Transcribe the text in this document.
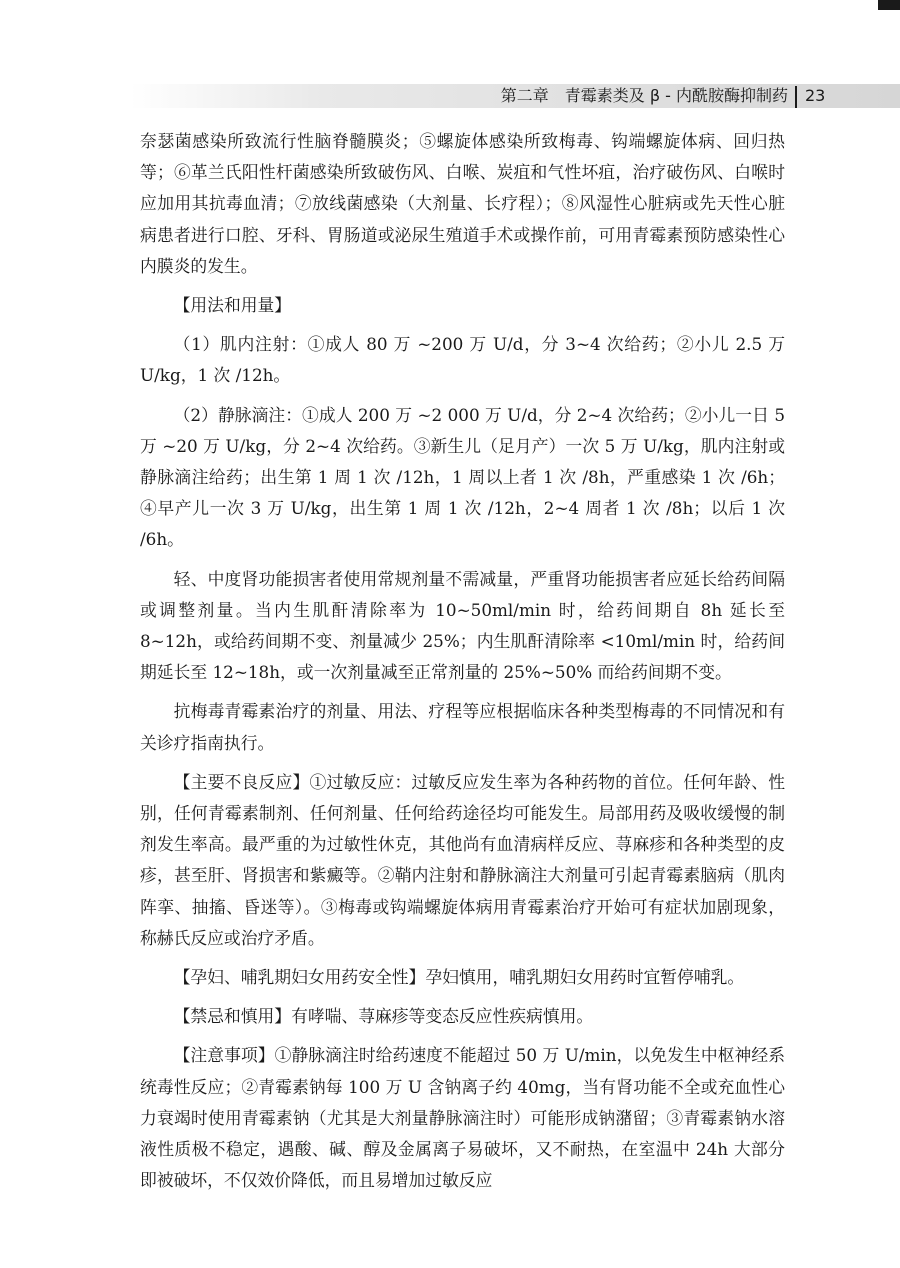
第二章　青霉素类及 β - 内酰胺酶抑制药 23

奈瑟菌感染所致流行性脑脊髓膜炎；⑤螺旋体感染所致梅毒、钩端螺旋体病、回归热等；⑥革兰氏阳性杆菌感染所致破伤风、白喉、炭疽和气性坏疽，治疗破伤风、白喉时应加用其抗毒血清；⑦放线菌感染（大剂量、长疗程）；⑧风湿性心脏病或先天性心脏病患者进行口腔、牙科、胃肠道或泌尿生殖道手术或操作前，可用青霉素预防感染性心内膜炎的发生。

【用法和用量】

（1）肌内注射：①成人 80 万 ~200 万 U/d，分 3~4 次给药；②小儿 2.5 万 U/kg，1 次 /12h。

（2）静脉滴注：①成人 200 万 ~2 000 万 U/d，分 2~4 次给药；②小儿一日 5 万 ~20 万 U/kg，分 2~4 次给药。③新生儿（足月产）一次 5 万 U/kg，肌内注射或静脉滴注给药；出生第 1 周 1 次 /12h，1 周以上者 1 次 /8h，严重感染 1 次 /6h；④早产儿一次 3 万 U/kg，出生第 1 周 1 次 /12h，2~4 周者 1 次 /8h；以后 1 次 /6h。

轻、中度肾功能损害者使用常规剂量不需减量，严重肾功能损害者应延长给药间隔或调整剂量。当内生肌酐清除率为 10~50ml/min 时，给药间期自 8h 延长至 8~12h，或给药间期不变、剂量减少 25%；内生肌酐清除率 <10ml/min 时，给药间期延长至 12~18h，或一次剂量减至正常剂量的 25%~50% 而给药间期不变。

抗梅毒青霉素治疗的剂量、用法、疗程等应根据临床各种类型梅毒的不同情况和有关诊疗指南执行。

【主要不良反应】①过敏反应：过敏反应发生率为各种药物的首位。任何年龄、性别，任何青霉素制剂、任何剂量、任何给药途径均可能发生。局部用药及吸收缓慢的制剂发生率高。最严重的为过敏性休克，其他尚有血清病样反应、荨麻疹和各种类型的皮疹，甚至肝、肾损害和紫癜等。②鞘内注射和静脉滴注大剂量可引起青霉素脑病（肌肉阵挛、抽搐、昏迷等）。③梅毒或钩端螺旋体病用青霉素治疗开始可有症状加剧现象，称赫氏反应或治疗矛盾。

【孕妇、哺乳期妇女用药安全性】孕妇慎用，哺乳期妇女用药时宜暂停哺乳。

【禁忌和慎用】有哮喘、荨麻疹等变态反应性疾病慎用。

【注意事项】①静脉滴注时给药速度不能超过 50 万 U/min，以免发生中枢神经系统毒性反应；②青霉素钠每 100 万 U 含钠离子约 40mg，当有肾功能不全或充血性心力衰竭时使用青霉素钠（尤其是大剂量静脉滴注时）可能形成钠潴留；③青霉素钠水溶液性质极不稳定，遇酸、碱、醇及金属离子易破坏，又不耐热，在室温中 24h 大部分即被破坏，不仅效价降低，而且易增加过敏反应
